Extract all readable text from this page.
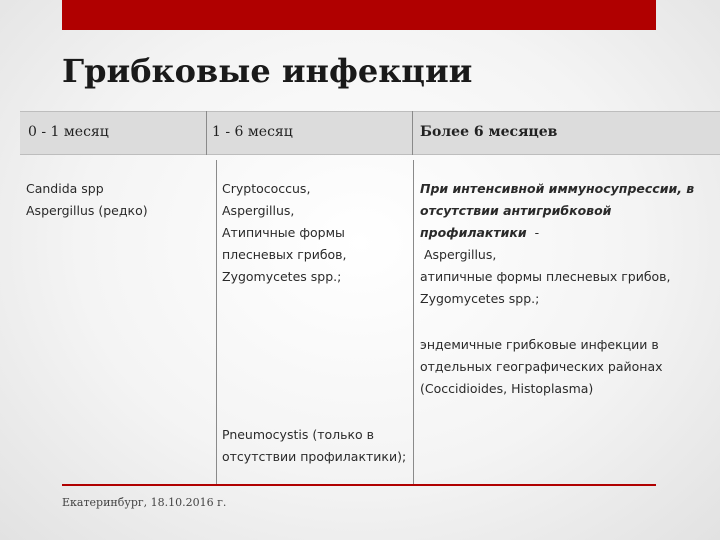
Грибковые инфекции
0 - 1 месяц	1 - 6 месяц	Более 6 месяцев

Candida spp

Aspergillus (редко)

Cryptococcus,

Aspergillus,

Атипичные формы

плесневых грибов,

Zygomycetes spp.;

Pneumocystis (только в

отсутствии профилактики);

При интенсивной иммуносупрессии, в

отсутствии антигрибковой

профилактики  -

Aspergillus,

атипичные формы плесневых грибов,

Zygomycetes spp.;

эндемичные грибковые инфекции в

отдельных географических районах

(Coccidioides, Histoplasma)

Екатеринбург, 18.10.2016 г.
